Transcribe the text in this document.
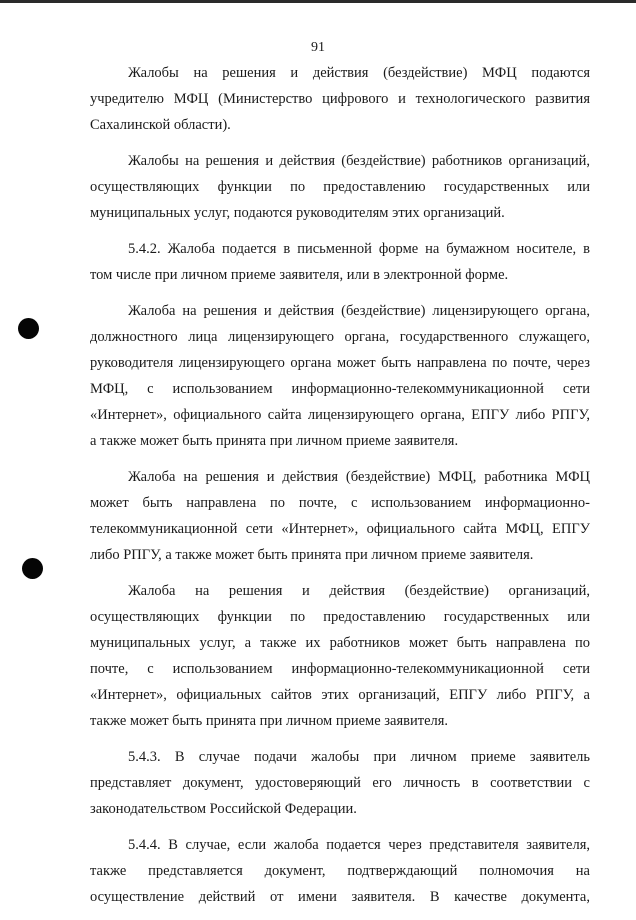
91
Жалобы на решения и действия (бездействие) МФЦ подаются
учредителю МФЦ (Министерство цифрового и технологического развития
Сахалинской области).
Жалобы на решения и действия (бездействие) работников организаций,
осуществляющих функции по предоставлению государственных или
муниципальных услуг, подаются руководителям этих организаций.
5.4.2. Жалоба подается в письменной форме на бумажном носителе, в
том числе при личном приеме заявителя, или в электронной форме.
Жалоба на решения и действия (бездействие) лицензирующего органа,
должностного лица лицензирующего органа, государственного служащего,
руководителя лицензирующего органа может быть направлена по почте, через
МФЦ, с использованием информационно-телекоммуникационной сети
«Интернет», официального сайта лицензирующего органа, ЕПГУ либо РПГУ,
а также может быть принята при личном приеме заявителя.
Жалоба на решения и действия (бездействие) МФЦ, работника МФЦ
может быть направлена по почте, с использованием информационно-
телекоммуникационной сети «Интернет», официального сайта МФЦ, ЕПГУ
либо РПГУ, а также может быть принята при личном приеме заявителя.
Жалоба на решения и действия (бездействие) организаций,
осуществляющих функции по предоставлению государственных или
муниципальных услуг, а также их работников может быть направлена по
почте, с использованием информационно-телекоммуникационной сети
«Интернет», официальных сайтов этих организаций, ЕПГУ либо РПГУ, а
также может быть принята при личном приеме заявителя.
5.4.3. В случае подачи жалобы при личном приеме заявитель
представляет документ, удостоверяющий его личность в соответствии с
законодательством Российской Федерации.
5.4.4. В случае, если жалоба подается через представителя заявителя,
также представляется документ, подтверждающий полномочия на
осуществление действий от имени заявителя. В качестве документа,
